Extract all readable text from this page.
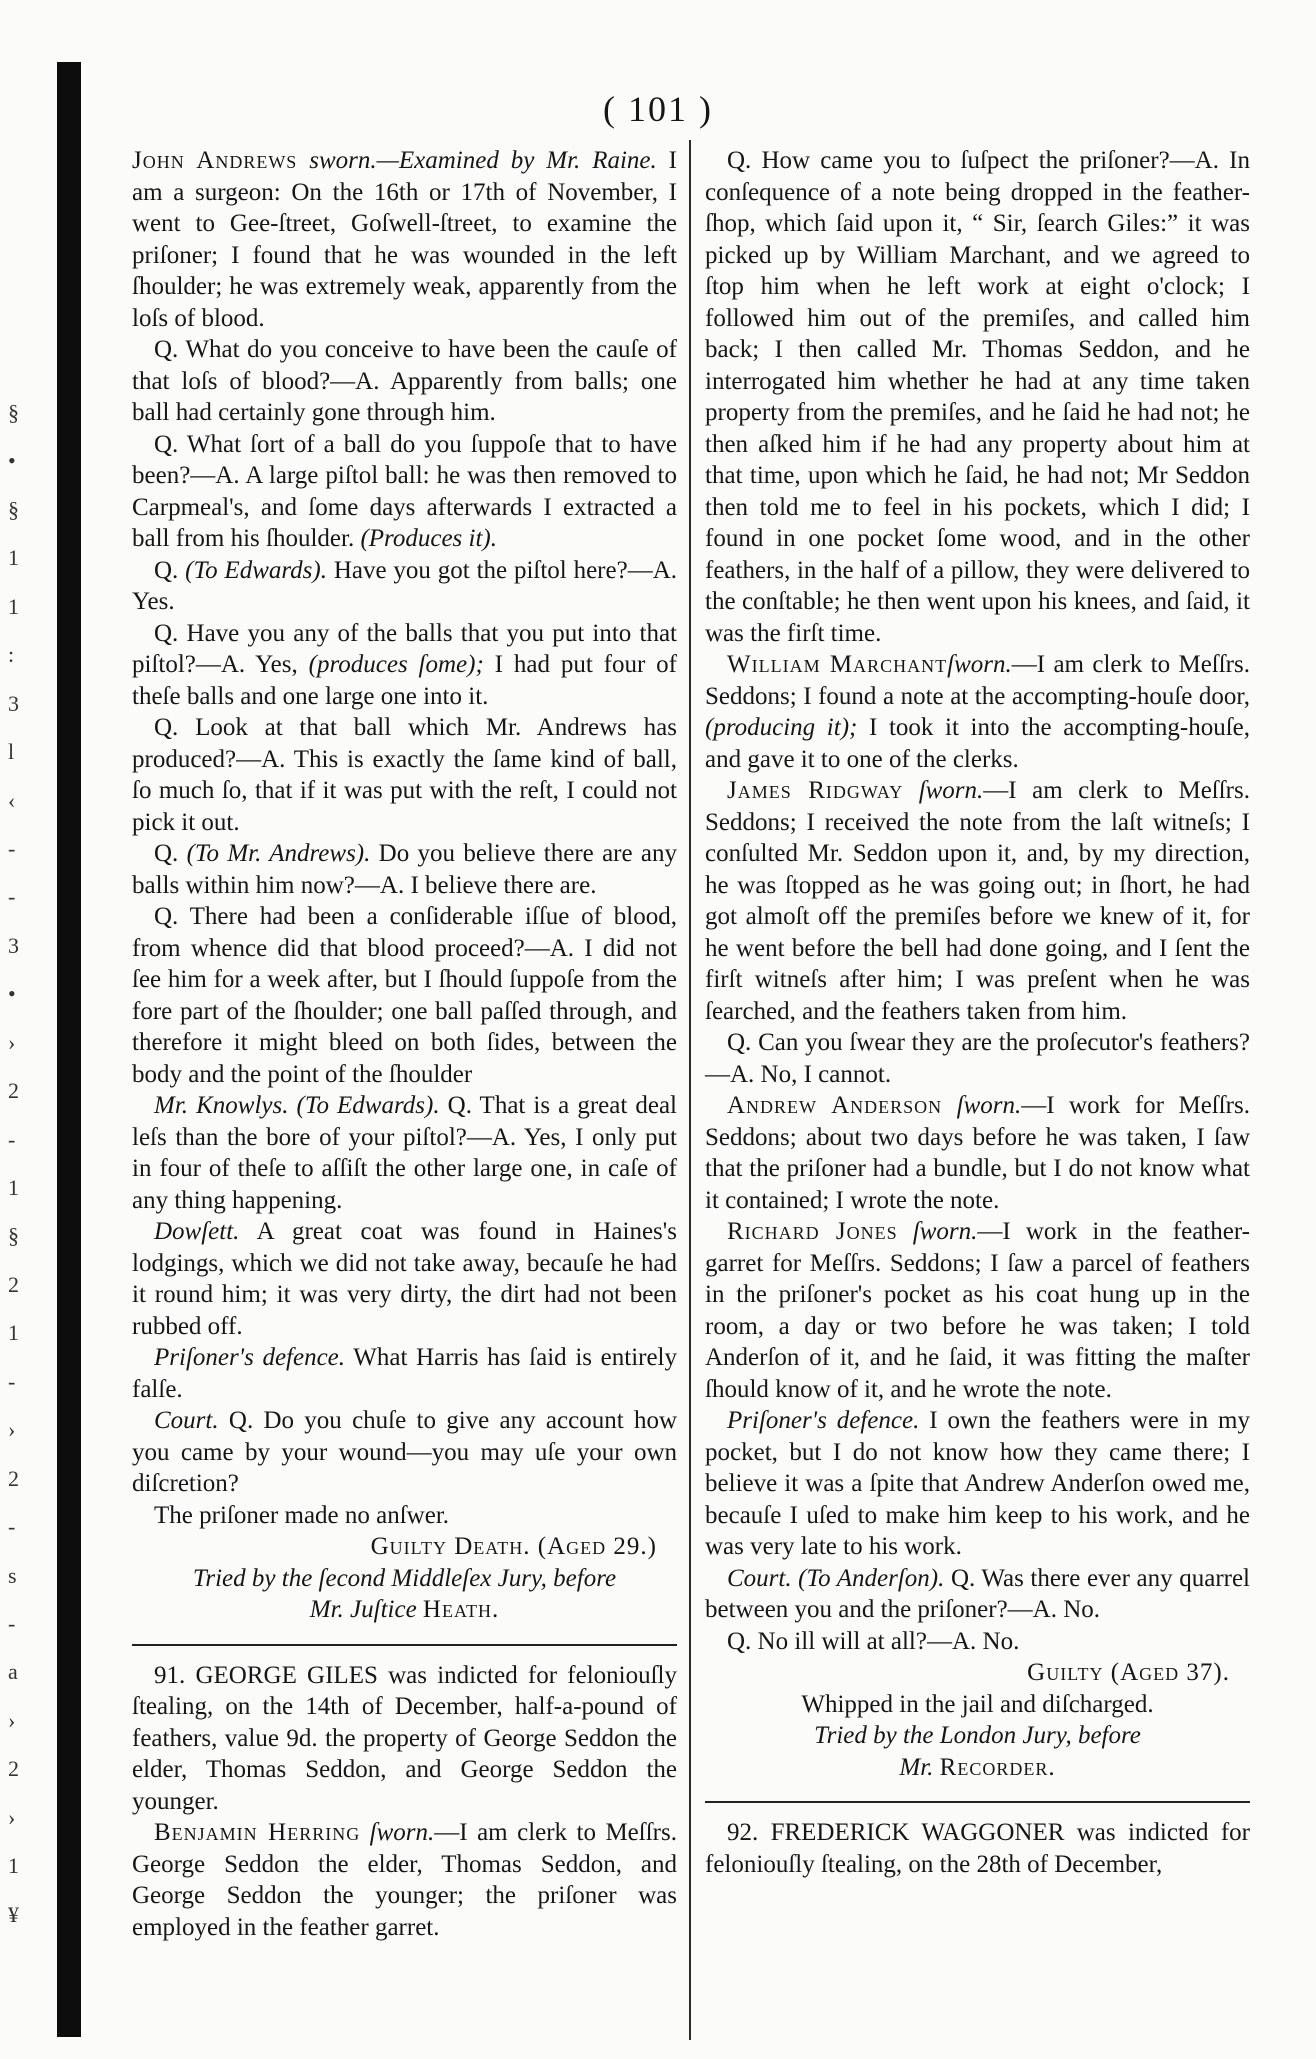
( 101 )
§
•
§
1
1
:
3
l
‹
-
-
3
•
›
2
-
1
§
2
1
-
›
2
-
s
-
a
›
2
›
1
¥

John Andrews sworn.—Examined by Mr. Raine. I am a surgeon: On the 16th or 17th of November, I went to Gee-ſtreet, Goſwell-ſtreet, to examine the priſoner; I found that he was wounded in the left ſhoulder; he was extremely weak, apparently from the loſs of blood.

Q. What do you conceive to have been the cauſe of that loſs of blood?—A. Apparently from balls; one ball had certainly gone through him.

Q. What ſort of a ball do you ſuppoſe that to have been?—A. A large piſtol ball: he was then removed to Carpmeal's, and ſome days afterwards I extracted a ball from his ſhoulder. (Produces it).

Q. (To Edwards). Have you got the piſtol here?—A. Yes.

Q. Have you any of the balls that you put into that piſtol?—A. Yes, (produces ſome); I had put four of theſe balls and one large one into it.

Q. Look at that ball which Mr. Andrews has produced?—A. This is exactly the ſame kind of ball, ſo much ſo, that if it was put with the reſt, I could not pick it out.

Q. (To Mr. Andrews). Do you believe there are any balls within him now?—A. I believe there are.

Q. There had been a conſiderable iſſue of blood, from whence did that blood proceed?—A. I did not ſee him for a week after, but I ſhould ſuppoſe from the fore part of the ſhoulder; one ball paſſed through, and therefore it might bleed on both ſides, between the body and the point of the ſhoulder

Mr. Knowlys. (To Edwards). Q. That is a great deal leſs than the bore of your piſtol?—A. Yes, I only put in four of theſe to aſſiſt the other large one, in caſe of any thing happening.

Dowſett. A great coat was found in Haines's lodgings, which we did not take away, becauſe he had it round him; it was very dirty, the dirt had not been rubbed off.

Priſoner's defence. What Harris has ſaid is entirely falſe.

Court. Q. Do you chuſe to give any account how you came by your wound—you may uſe your own diſcretion?

The priſoner made no anſwer.

Guilty Death. (Aged 29.)
Tried by the ſecond Middleſex Jury, before
Mr. Juſtice Heath.

91. GEORGE GILES was indicted for feloniouſly ſtealing, on the 14th of December, half-a-pound of feathers, value 9d. the property of George Seddon the elder, Thomas Seddon, and George Seddon the younger.

Benjamin Herring ſworn.—I am clerk to Meſſrs. George Seddon the elder, Thomas Seddon, and George Seddon the younger; the priſoner was employed in the feather garret.

Q. How came you to ſuſpect the priſoner?—A. In conſequence of a note being dropped in the feather-ſhop, which ſaid upon it, “ Sir, ſearch Giles:” it was picked up by William Marchant, and we agreed to ſtop him when he left work at eight o'clock; I followed him out of the premiſes, and called him back; I then called Mr. Thomas Seddon, and he interrogated him whether he had at any time taken property from the premiſes, and he ſaid he had not; he then aſked him if he had any property about him at that time, upon which he ſaid, he had not; Mr Seddon then told me to feel in his pockets, which I did; I found in one pocket ſome wood, and in the other feathers, in the half of a pillow, they were delivered to the conſtable; he then went upon his knees, and ſaid, it was the firſt time.

William Marchantſworn.—I am clerk to Meſſrs. Seddons; I found a note at the accompting-houſe door, (producing it); I took it into the accompting-houſe, and gave it to one of the clerks.

James Ridgway ſworn.—I am clerk to Meſſrs. Seddons; I received the note from the laſt witneſs; I conſulted Mr. Seddon upon it, and, by my direction, he was ſtopped as he was going out; in ſhort, he had got almoſt off the premiſes before we knew of it, for he went before the bell had done going, and I ſent the firſt witneſs after him; I was preſent when he was ſearched, and the feathers taken from him.

Q. Can you ſwear they are the proſecutor's feathers?—A. No, I cannot.

Andrew Anderson ſworn.—I work for Meſſrs. Seddons; about two days before he was taken, I ſaw that the priſoner had a bundle, but I do not know what it contained; I wrote the note.

Richard Jones ſworn.—I work in the feather-garret for Meſſrs. Seddons; I ſaw a parcel of feathers in the priſoner's pocket as his coat hung up in the room, a day or two before he was taken; I told Anderſon of it, and he ſaid, it was fitting the maſter ſhould know of it, and he wrote the note.

Priſoner's defence. I own the feathers were in my pocket, but I do not know how they came there; I believe it was a ſpite that Andrew Anderſon owed me, becauſe I uſed to make him keep to his work, and he was very late to his work.

Court. (To Anderſon). Q. Was there ever any quarrel between you and the priſoner?—A. No.

Q. No ill will at all?—A. No.

Guilty (Aged 37).
Whipped in the jail and diſcharged.
Tried by the London Jury, before
Mr. Recorder.

92. FREDERICK WAGGONER was indicted for feloniouſly ſtealing, on the 28th of December,
